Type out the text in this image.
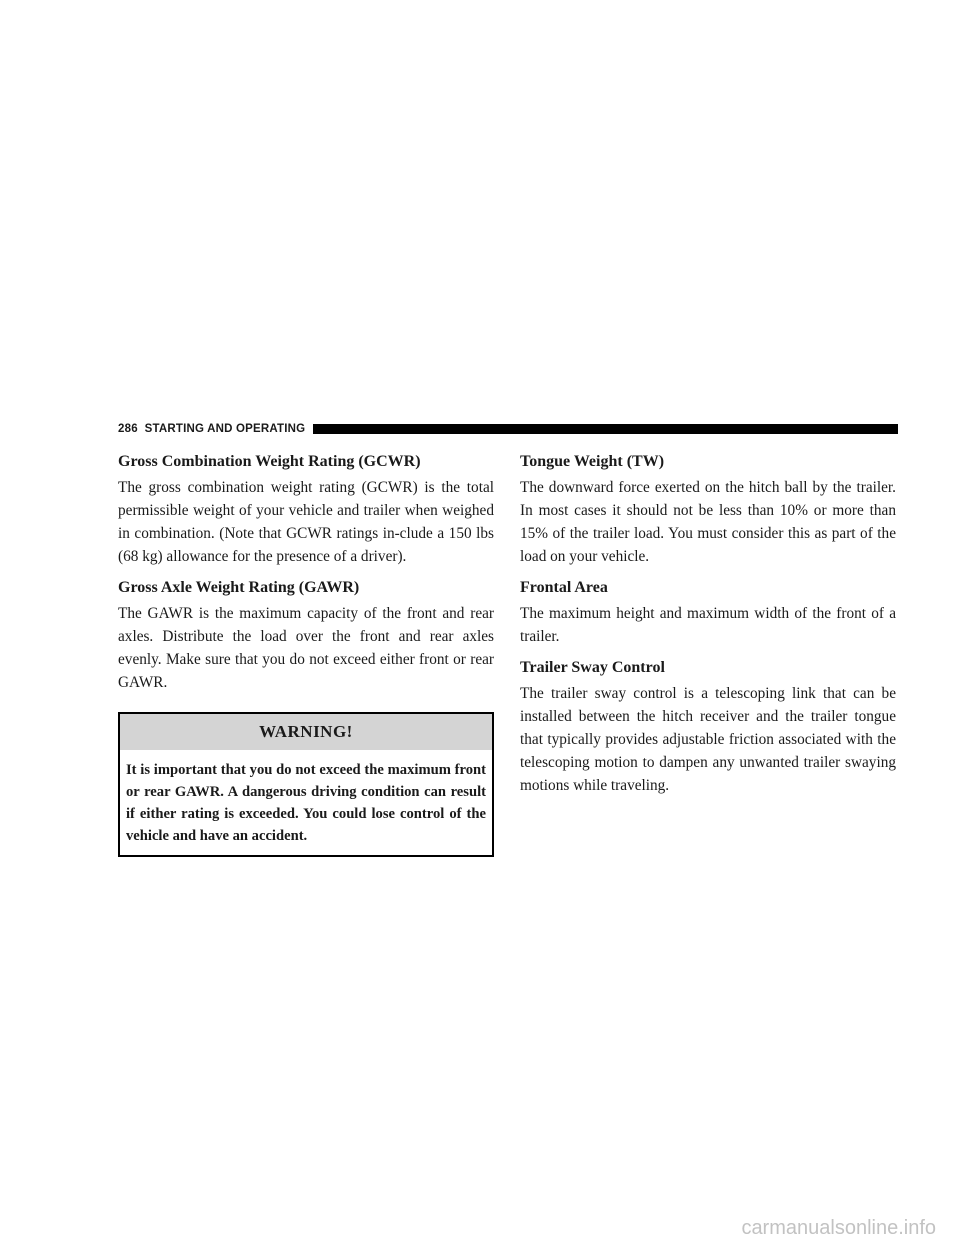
286 STARTING AND OPERATING
Gross Combination Weight Rating (GCWR)

The gross combination weight rating (GCWR) is the total permissible weight of your vehicle and trailer when weighed in combination. (Note that GCWR ratings in-clude a 150 lbs (68 kg) allowance for the presence of a driver).

Gross Axle Weight Rating (GAWR)

The GAWR is the maximum capacity of the front and rear axles. Distribute the load over the front and rear axles evenly. Make sure that you do not exceed either front or rear GAWR.

WARNING!
It is important that you do not exceed the maximum front or rear GAWR. A dangerous driving condition can result if either rating is exceeded. You could lose control of the vehicle and have an accident.
Tongue Weight (TW)

The downward force exerted on the hitch ball by the trailer. In most cases it should not be less than 10% or more than 15% of the trailer load. You must consider this as part of the load on your vehicle.

Frontal Area

The maximum height and maximum width of the front of a trailer.

Trailer Sway Control

The trailer sway control is a telescoping link that can be installed between the hitch receiver and the trailer tongue that typically provides adjustable friction associated with the telescoping motion to dampen any unwanted trailer swaying motions while traveling.

carmanualsonline.info
